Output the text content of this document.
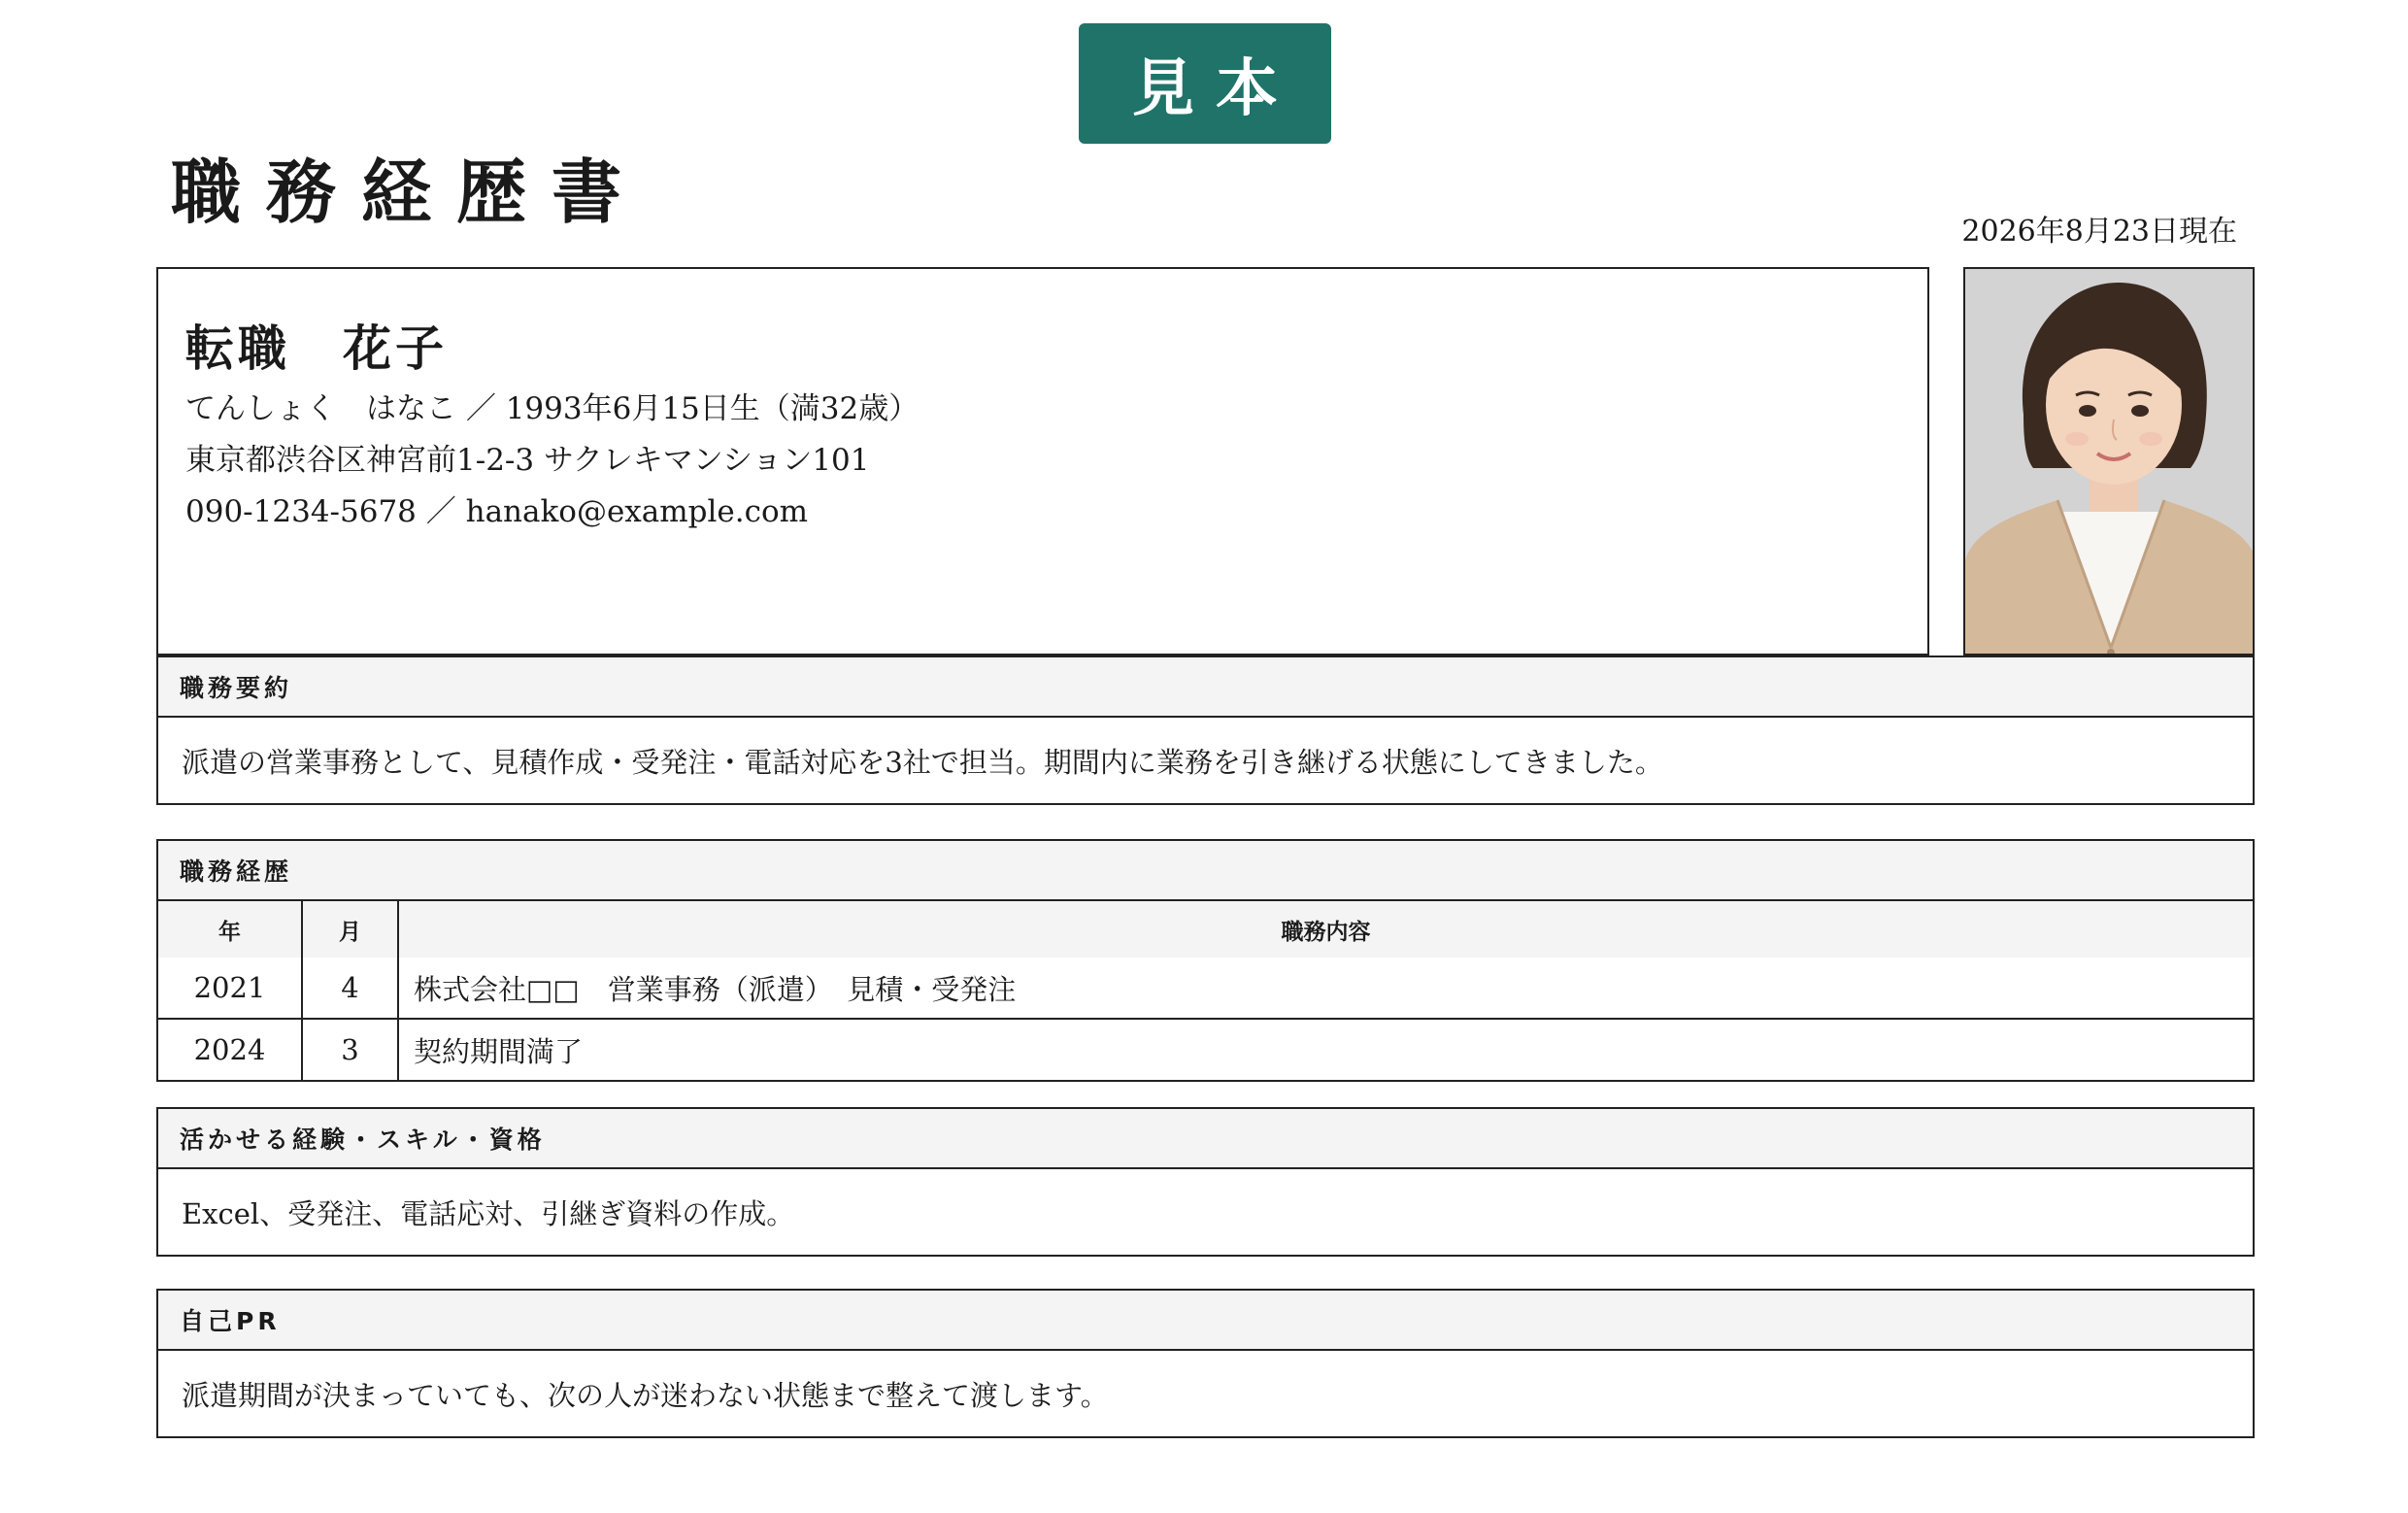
見本
職務経歴書	2026年8月23日現在
転職　花子
てんしょく　はなこ ／ 1993年6月15日生（満32歳）
東京都渋谷区神宮前1-2-3 サクレキマンション101
090-1234-5678 ／ hanako@example.com
職務要約
派遣の営業事務として、見積作成・受発注・電話対応を3社で担当。期間内に業務を引き継げる状態にしてきました。
職務経歴
年	月	職務内容
2021	4	株式会社□□　営業事務（派遣）　見積・受発注
2024	3	契約期間満了
活かせる経験・スキル・資格
Excel、受発注、電話応対、引継ぎ資料の作成。
自己PR
派遣期間が決まっていても、次の人が迷わない状態まで整えて渡します。
